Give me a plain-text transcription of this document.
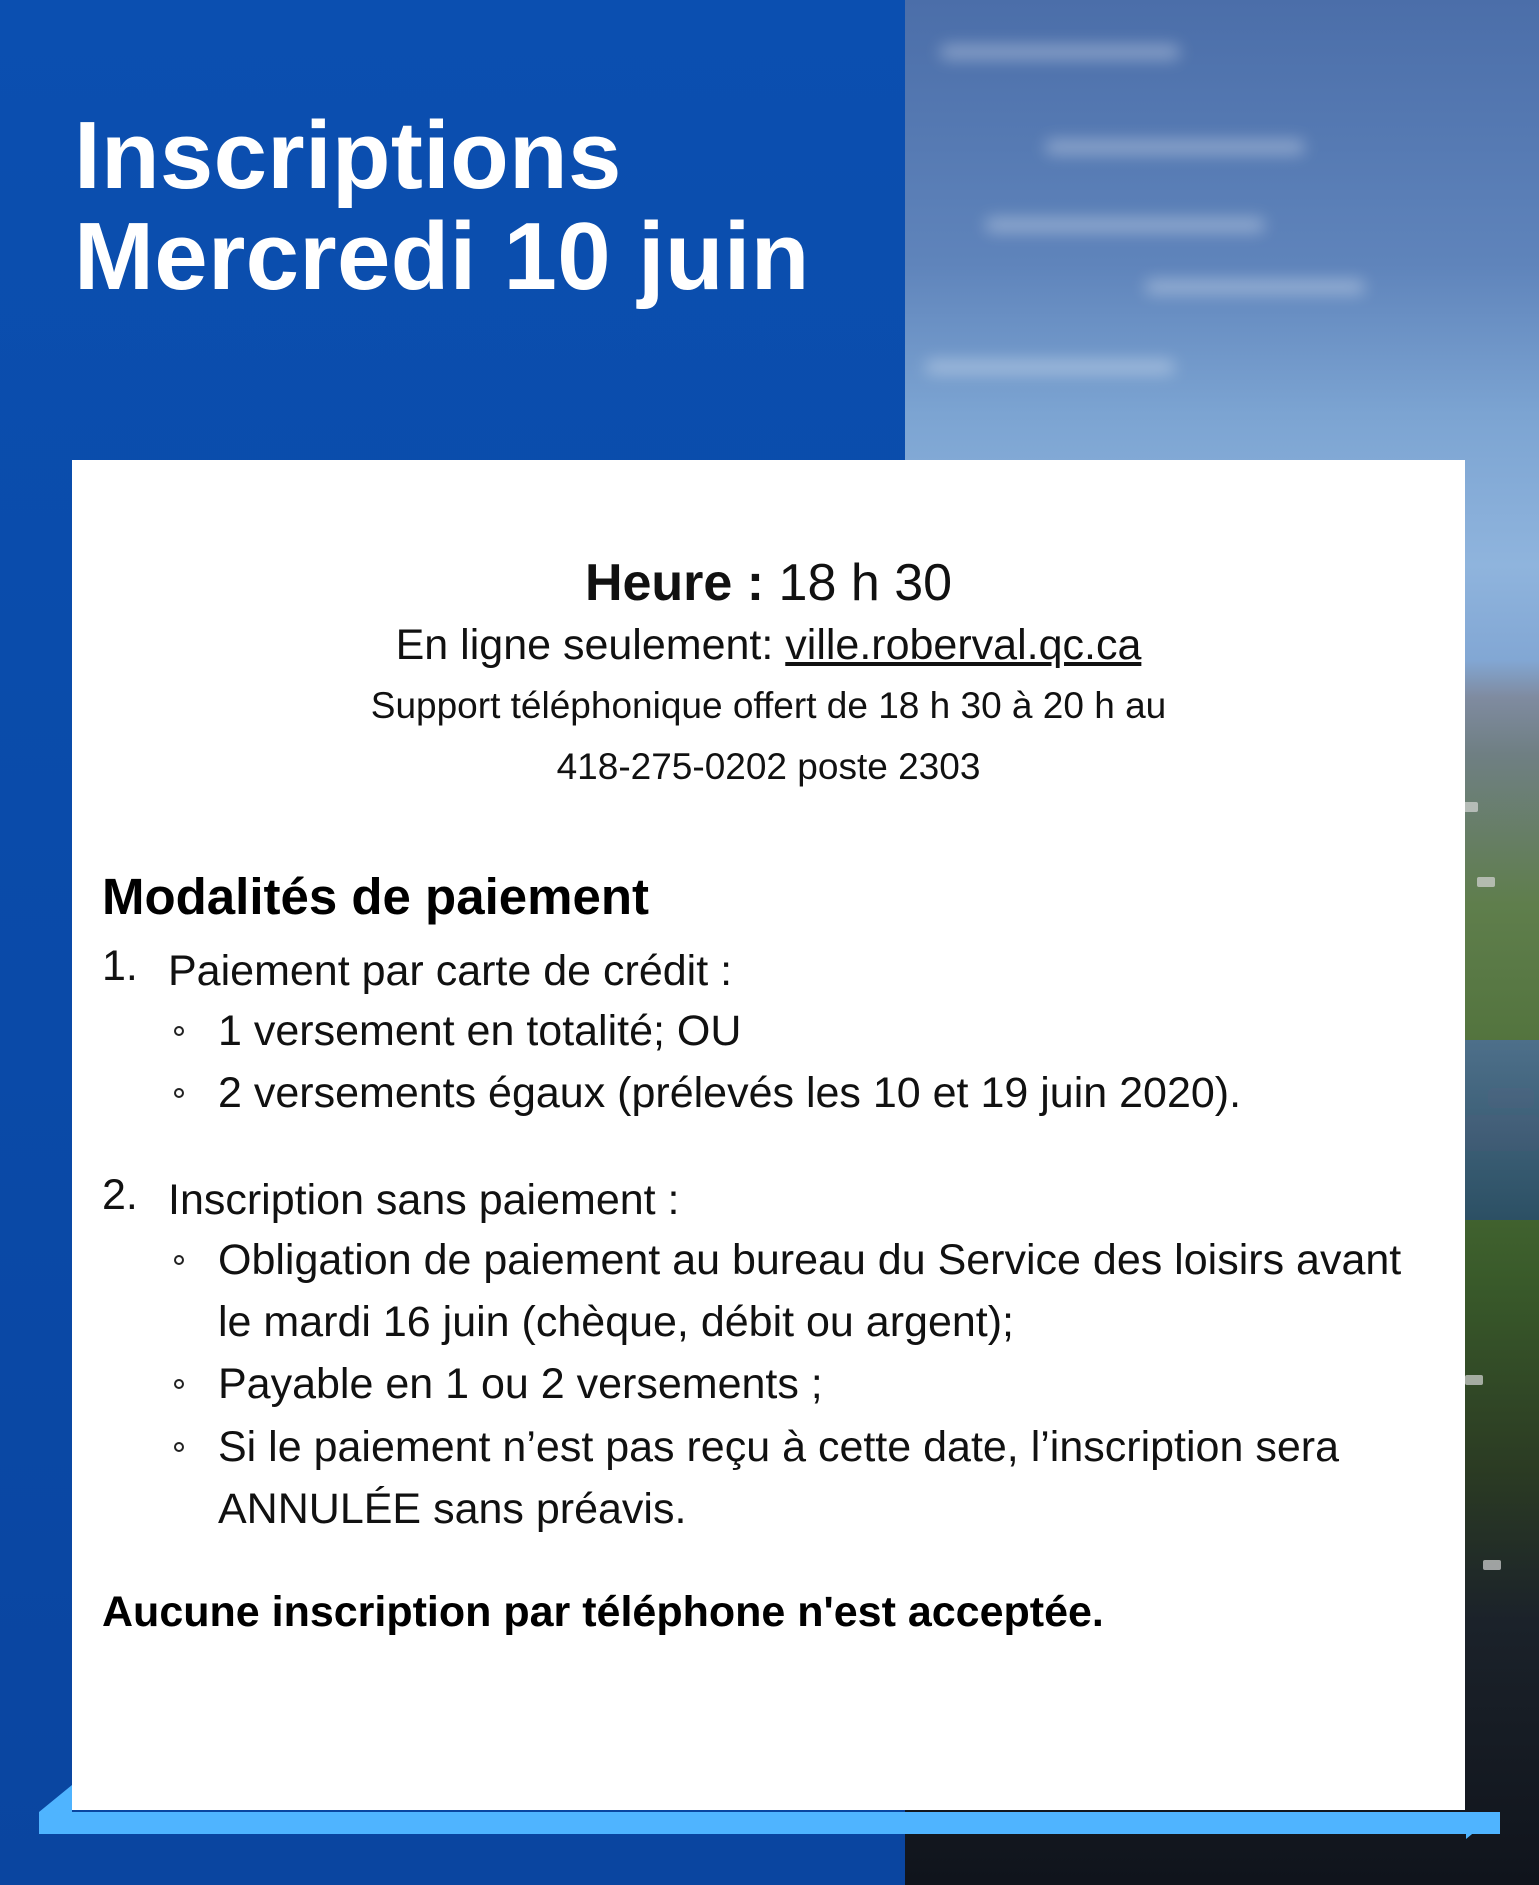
Inscriptions
Mercredi 10 juin

Heure : 18 h 30

En ligne seulement: ville.roberval.qc.ca

Support téléphonique offert de 18 h 30 à 20 h au

418-275-0202 poste 2303

Modalités de paiement
1. Paiement par carte de crédit :
1 versement en totalité; OU
2 versements égaux (prélevés les 10 et 19 juin 2020).
2. Inscription sans paiement :
Obligation de paiement au bureau du Service des loisirs avant le mardi 16 juin (chèque, débit ou argent);
Payable en 1 ou 2 versements ;
Si le paiement n’est pas reçu à cette date, l’inscription sera ANNULÉE sans préavis.
Aucune inscription par téléphone n'est acceptée.
